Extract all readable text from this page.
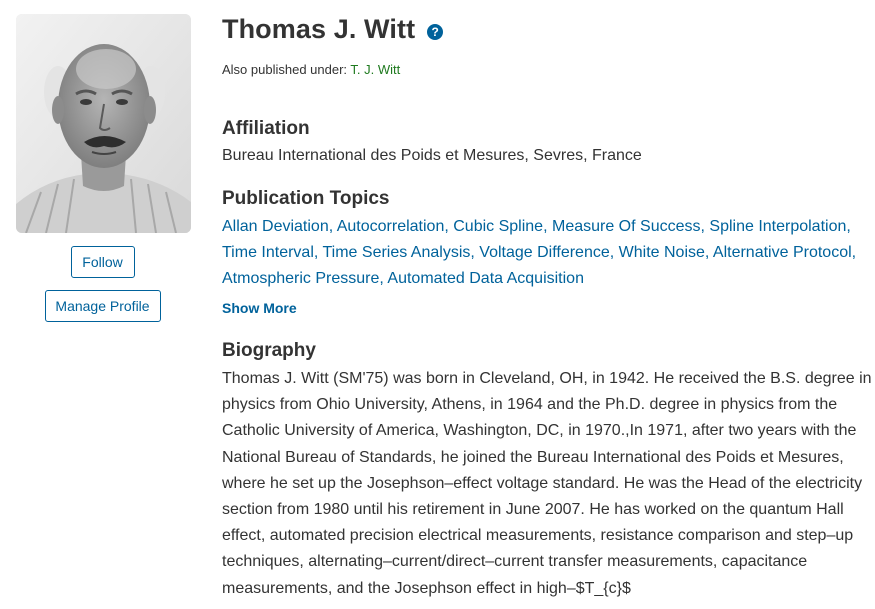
Follow
Manage Profile
Thomas J. Witt	?
Also published under: T. J. Witt
Affiliation
Bureau International des Poids et Mesures, Sevres, France
Publication Topics
Allan Deviation, Autocorrelation, Cubic Spline, Measure Of Success, Spline Interpolation, Time Interval, Time Series Analysis, Voltage Difference, White Noise, Alternative Protocol, Atmospheric Pressure, Automated Data Acquisition
Show More
Biography

Thomas J. Witt (SM'75) was born in Cleveland, OH, in 1942. He received the B.S. degree in physics from Ohio University, Athens, in 1964 and the Ph.D. degree in physics from the Catholic University of America, Washington, DC, in 1970.,In 1971, after two years with the National Bureau of Standards, he joined the Bureau International des Poids et Mesures, where he set up the Josephson–effect voltage standard. He was the Head of the electricity section from 1980 until his retirement in June 2007. He has worked on the quantum Hall effect, automated precision electrical measurements, resistance comparison and step–up techniques, alternating–current/direct–current transfer measurements, capacitance measurements, and the Josephson effect in high–$T_{c}$
